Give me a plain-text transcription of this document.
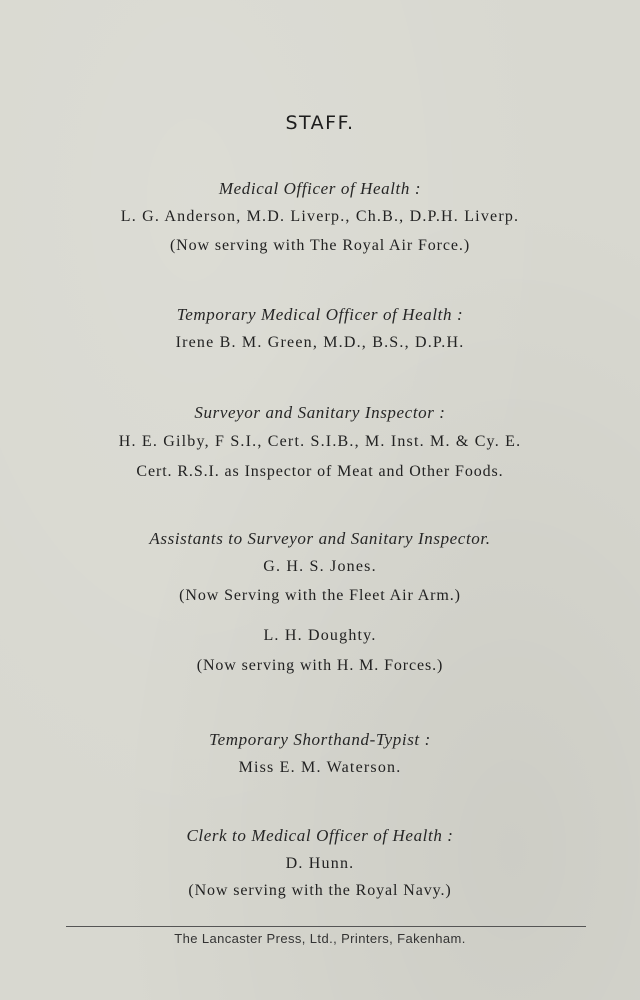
STAFF.
Medical Officer of Health :
L. G. Anderson, M.D. Liverp., Ch.B., D.P.H. Liverp.
(Now serving with The Royal Air Force.)
Temporary Medical Officer of Health :
Irene B. M. Green, M.D., B.S., D.P.H.
Surveyor and Sanitary Inspector :
H. E. Gilby, F S.I., Cert. S.I.B., M. Inst. M. & Cy. E.
Cert. R.S.I. as Inspector of Meat and Other Foods.
Assistants to Surveyor and Sanitary Inspector.
G. H. S. Jones.
(Now Serving with the Fleet Air Arm.)
L. H. Doughty.
(Now serving with H. M. Forces.)
Temporary Shorthand-Typist :
Miss E. M. Waterson.
Clerk to Medical Officer of Health :
D. Hunn.
(Now serving with the Royal Navy.)
The Lancaster Press, Ltd., Printers, Fakenham.
